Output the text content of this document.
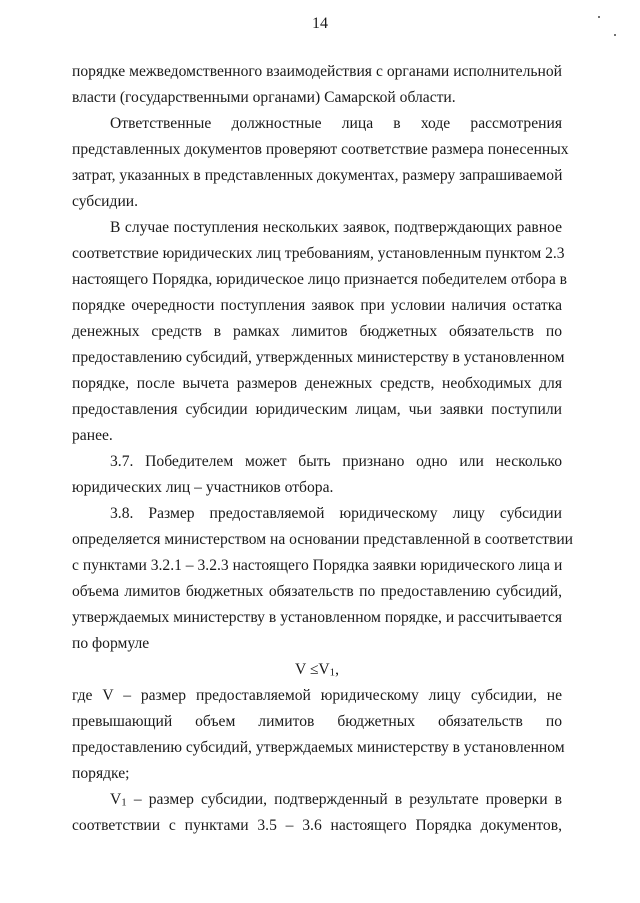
14
порядке межведомственного взаимодействия с органами исполнительной
власти (государственными органами) Самарской области.
Ответственные должностные лица в ходе рассмотрения
представленных документов проверяют соответствие размера понесенных
затрат, указанных в представленных документах, размеру запрашиваемой
субсидии.
В случае поступления нескольких заявок, подтверждающих равное
соответствие юридических лиц требованиям, установленным пунктом 2.3
настоящего Порядка, юридическое лицо признается победителем отбора в
порядке очередности поступления заявок при условии наличия остатка
денежных средств в рамках лимитов бюджетных обязательств по
предоставлению субсидий, утвержденных министерству в установленном
порядке, после вычета размеров денежных средств, необходимых для
предоставления субсидии юридическим лицам, чьи заявки поступили
ранее.
3.7. Победителем может быть признано одно или несколько
юридических лиц – участников отбора.
3.8. Размер предоставляемой юридическому лицу субсидии
определяется министерством на основании представленной в соответствии
с пунктами 3.2.1 – 3.2.3 настоящего Порядка заявки юридического лица и
объема лимитов бюджетных обязательств по предоставлению субсидий,
утверждаемых министерству в установленном порядке, и рассчитывается
по формуле
$V \le V_1$,
где V – размер предоставляемой юридическому лицу субсидии, не
превышающий объем лимитов бюджетных обязательств по
предоставлению субсидий, утверждаемых министерству в установленном
порядке;
$V_1$ – размер субсидии, подтвержденный в результате проверки в
соответствии с пунктами 3.5 – 3.6 настоящего Порядка документов,
